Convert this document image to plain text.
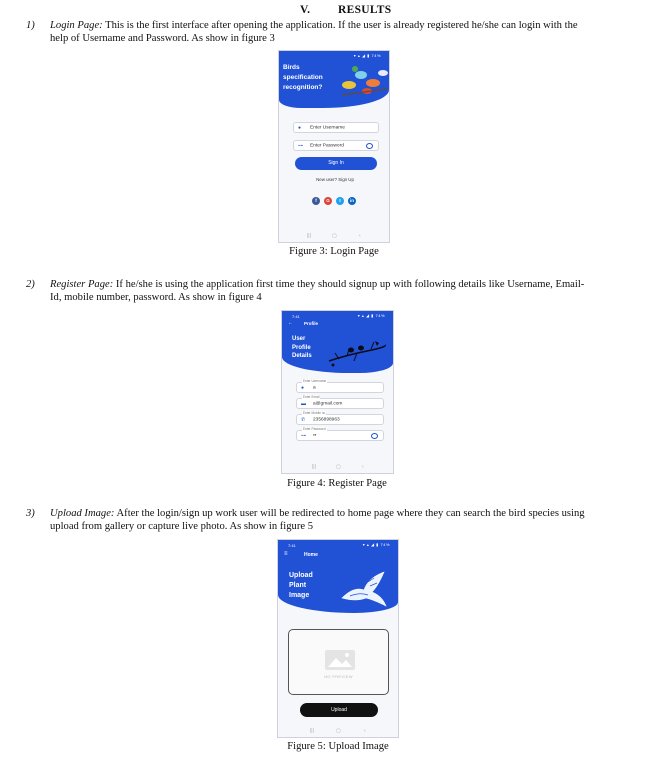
V. RESULTS
1) Login Page: This is the first interface after opening the application. If the user is already registered he/she can login with the
help of Username and Password. As show in figure 3
▾ ▴ ◢ ▮ 74%
Birds
specification
recognition?
● Enter Username
⊶ Enter Password
Sign In
New user? Sign Up
f	G	t	in
|||	▢	‹
Figure 3: Login Page
2) Register Page: If he/she is using the application first time they should signup up with following details like Username, Email-
Id, mobile number, password. As show in figure 4
7:41	▾ ▴ ◢ ▮ 74%
← Profile
User
Profile
Details
Enter Username
● a
Enter Email
▬ a@gmail.com
Enter Mobile no
✆ 2356898963
Enter Password
⊶ ••
|||	▢	‹
Figure 4: Register Page
3) Upload Image: After the login/sign up work user will be redirected to home page where they can search the bird species using
upload from gallery or capture live photo. As show in figure 5
7:41	▾ ▴ ◢ ▮ 74%
≡	Home
Upload
Plant
Image
NO PREVIEW
Upload
|||	▢	‹
Figure 5: Upload Image
